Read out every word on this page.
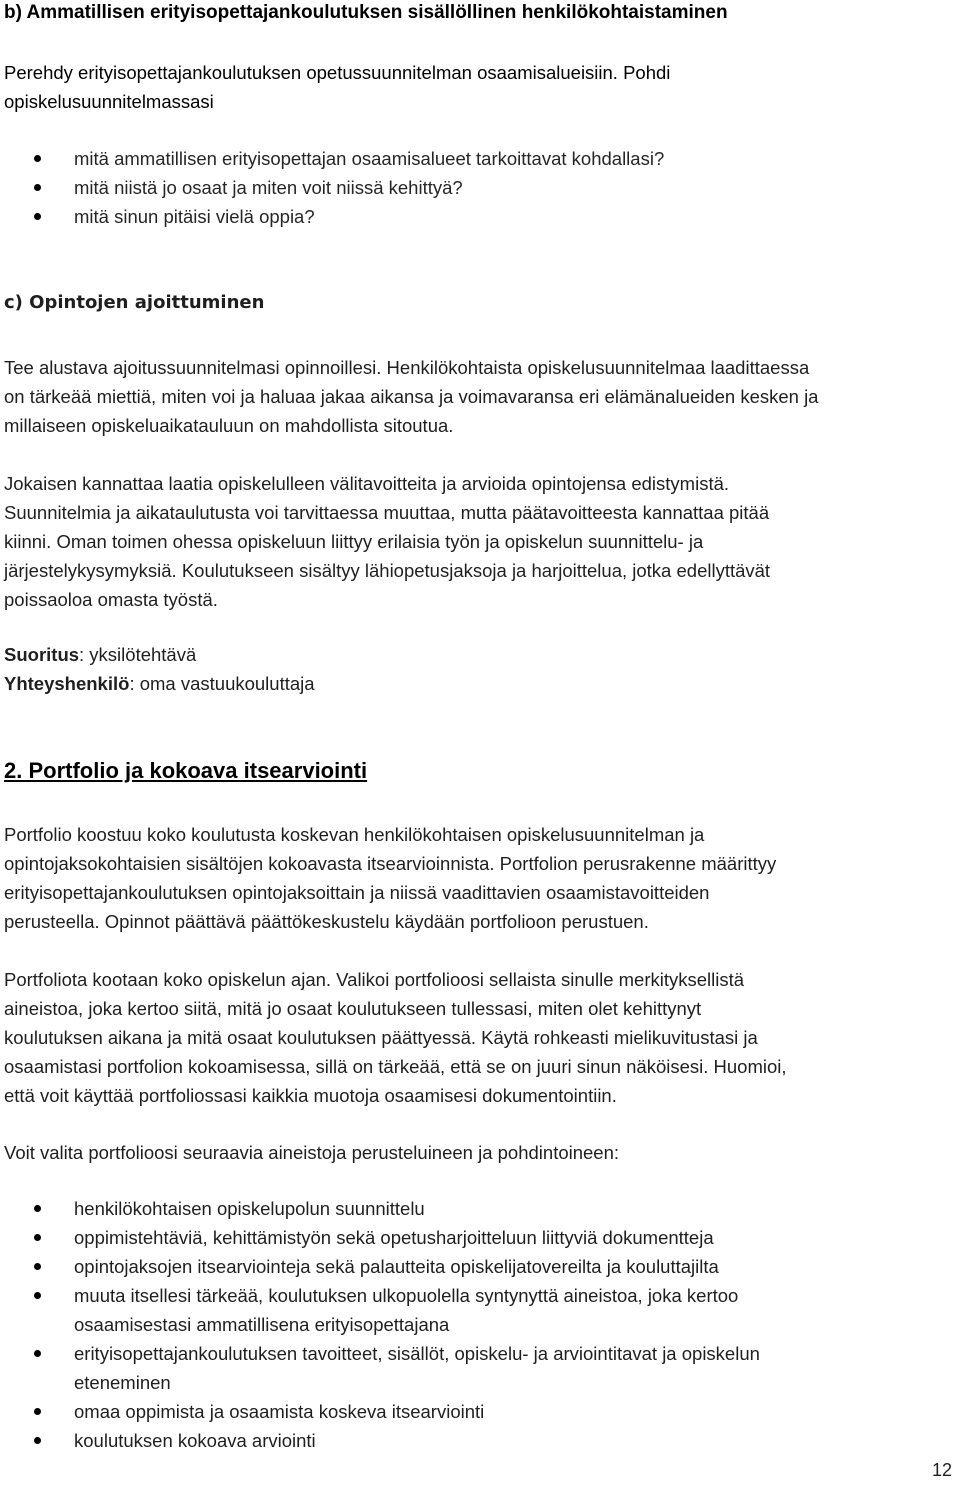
b) Ammatillisen erityisopettajankoulutuksen sisällöllinen henkilökohtaistaminen
Perehdy erityisopettajankoulutuksen opetussuunnitelman osaamisalueisiin. Pohdi
opiskelusuunnitelmassasi
mitä ammatillisen erityisopettajan osaamisalueet tarkoittavat kohdallasi?
mitä niistä jo osaat ja miten voit niissä kehittyä?
mitä sinun pitäisi vielä oppia?
c) Opintojen ajoittuminen
Tee alustava ajoitussuunnitelmasi opinnoillesi. Henkilökohtaista opiskelusuunnitelmaa laadittaessa
on tärkeää miettiä, miten voi ja haluaa jakaa aikansa ja voimavaransa eri elämänalueiden kesken ja
millaiseen opiskeluaikatauluun on mahdollista sitoutua.
Jokaisen kannattaa laatia opiskelulleen välitavoitteita ja arvioida opintojensa edistymistä.
Suunnitelmia ja aikataulutusta voi tarvittaessa muuttaa, mutta päätavoitteesta kannattaa pitää
kiinni. Oman toimen ohessa opiskeluun liittyy erilaisia työn ja opiskelun suunnittelu- ja
järjestelykysymyksiä. Koulutukseen sisältyy lähiopetusjaksoja ja harjoittelua, jotka edellyttävät
poissaoloa omasta työstä.
Suoritus: yksilötehtävä
Yhteyshenkilö: oma vastuukouluttaja
2. Portfolio ja kokoava itsearviointi
Portfolio koostuu koko koulutusta koskevan henkilökohtaisen opiskelusuunnitelman ja
opintojaksokohtaisien sisältöjen kokoavasta itsearvioinnista. Portfolion perusrakenne määrittyy
erityisopettajankoulutuksen opintojaksoittain ja niissä vaadittavien osaamistavoitteiden
perusteella. Opinnot päättävä päättökeskustelu käydään portfolioon perustuen.
Portfoliota kootaan koko opiskelun ajan. Valikoi portfolioosi sellaista sinulle merkityksellistä
aineistoa, joka kertoo siitä, mitä jo osaat koulutukseen tullessasi, miten olet kehittynyt
koulutuksen aikana ja mitä osaat koulutuksen päättyessä. Käytä rohkeasti mielikuvitustasi ja
osaamistasi portfolion kokoamisessa, sillä on tärkeää, että se on juuri sinun näköisesi. Huomioi,
että voit käyttää portfoliossasi kaikkia muotoja osaamisesi dokumentointiin.
Voit valita portfolioosi seuraavia aineistoja perusteluineen ja pohdintoineen:
henkilökohtaisen opiskelupolun suunnittelu
oppimistehtäviä, kehittämistyön sekä opetusharjoitteluun liittyviä dokumentteja
opintojaksojen itsearviointeja sekä palautteita opiskelijatovereilta ja kouluttajilta
muuta itsellesi tärkeää, koulutuksen ulkopuolella syntynyttä aineistoa, joka kertoo
osaamisestasi ammatillisena erityisopettajana
erityisopettajankoulutuksen tavoitteet, sisällöt, opiskelu- ja arviointitavat ja opiskelun
eteneminen
omaa oppimista ja osaamista koskeva itsearviointi
koulutuksen kokoava arviointi
12
